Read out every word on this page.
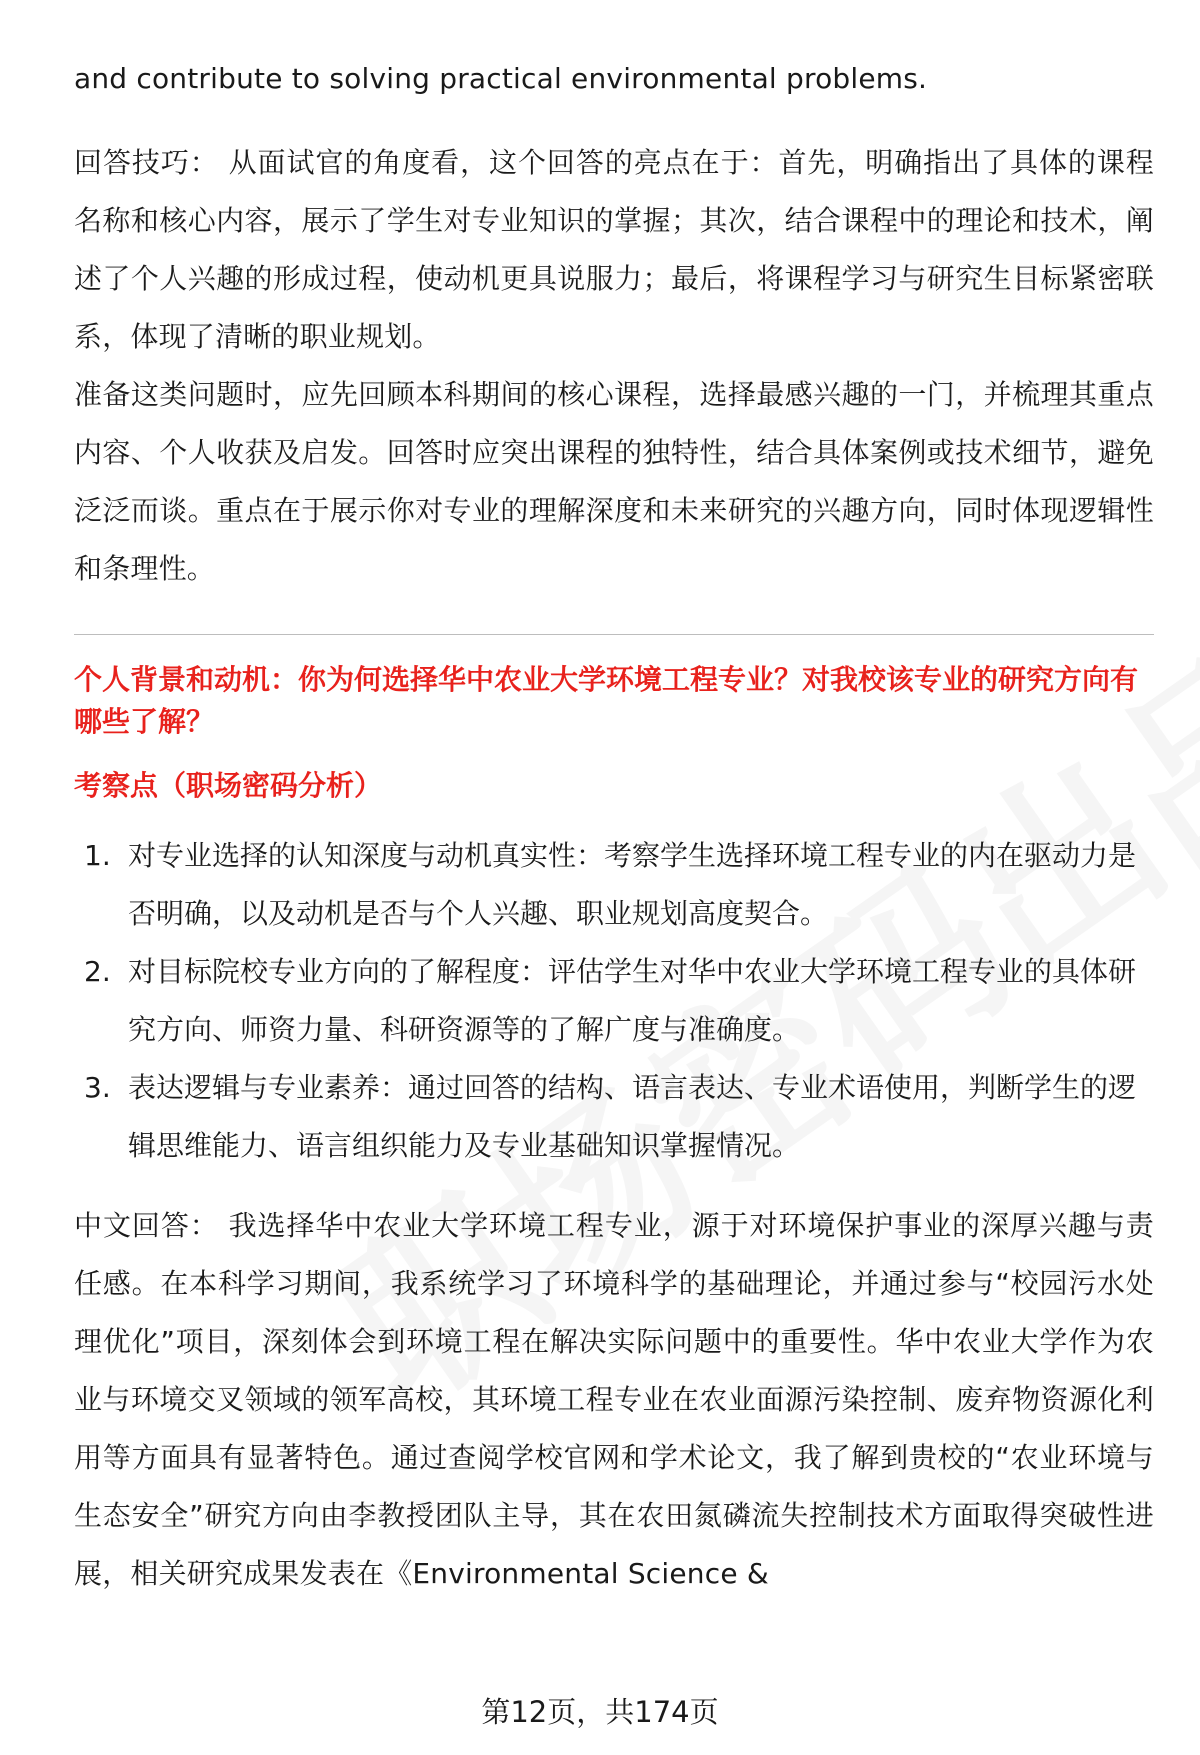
and contribute to solving practical environmental problems.

回答技巧： 从面试官的角度看，这个回答的亮点在于：首先，明确指出了具体的课程名称和核心内容，展示了学生对专业知识的掌握；其次，结合课程中的理论和技术，阐述了个人兴趣的形成过程，使动机更具说服力；最后，将课程学习与研究生目标紧密联系，体现了清晰的职业规划。

准备这类问题时，应先回顾本科期间的核心课程，选择最感兴趣的一门，并梳理其重点内容、个人收获及启发。回答时应突出课程的独特性，结合具体案例或技术细节，避免泛泛而谈。重点在于展示你对专业的理解深度和未来研究的兴趣方向，同时体现逻辑性和条理性。

个人背景和动机：你为何选择华中农业大学环境工程专业？对我校该专业的研究方向有哪些了解？

考察点（职场密码分析）

1. 对专业选择的认知深度与动机真实性：考察学生选择环境工程专业的内在驱动力是否明确，以及动机是否与个人兴趣、职业规划高度契合。
2. 对目标院校专业方向的了解程度：评估学生对华中农业大学环境工程专业的具体研究方向、师资力量、科研资源等的了解广度与准确度。
3. 表达逻辑与专业素养：通过回答的结构、语言表达、专业术语使用，判断学生的逻辑思维能力、语言组织能力及专业基础知识掌握情况。

中文回答： 我选择华中农业大学环境工程专业，源于对环境保护事业的深厚兴趣与责任感。在本科学习期间，我系统学习了环境科学的基础理论，并通过参与“校园污水处理优化”项目，深刻体会到环境工程在解决实际问题中的重要性。华中农业大学作为农业与环境交叉领域的领军高校，其环境工程专业在农业面源污染控制、废弃物资源化利用等方面具有显著特色。通过查阅学校官网和学术论文，我了解到贵校的“农业环境与生态安全”研究方向由李教授团队主导，其在农田氮磷流失控制技术方面取得突破性进展，相关研究成果发表在《Environmental Science &

第12页，共174页
